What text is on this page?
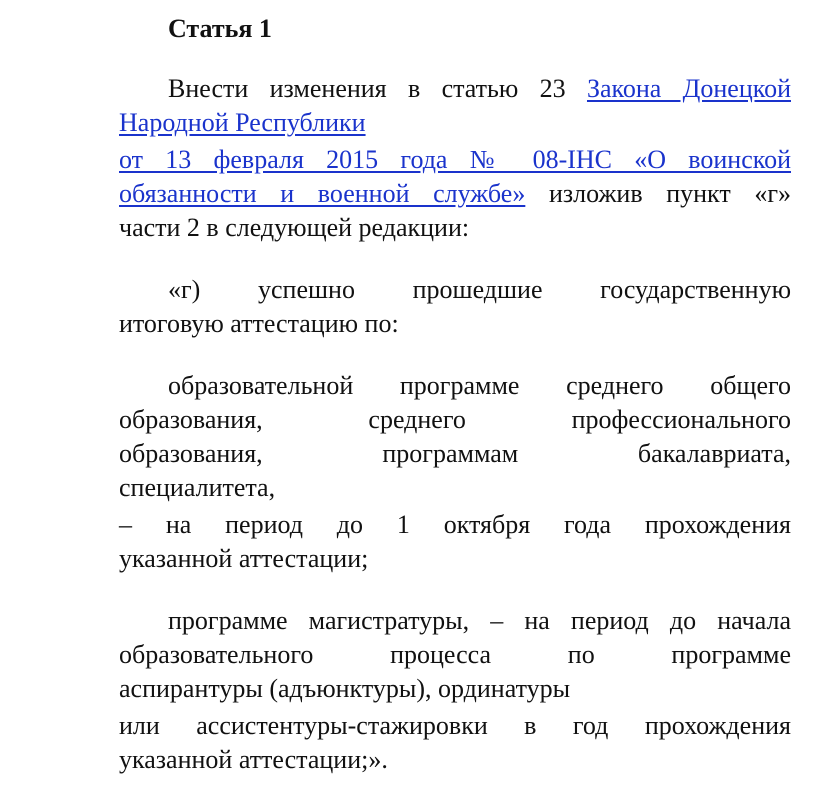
Статья 1

Внести изменения в статью 23 Закона Донецкой

Народной Республики

от 13 февраля 2015 года № 08-IНС «О воинской

обязанности и военной службе» изложив пункт «г»

части 2 в следующей редакции:

«г) успешно прошедшие государственную

итоговую аттестацию по:

образовательной программе среднего общего

образования, среднего профессионального

образования, программам бакалавриата,

специалитета,

– на период до 1 октября года прохождения

указанной аттестации;

программе магистратуры, – на период до начала

образовательного процесса по программе

аспирантуры (адъюнктуры), ординатуры

или ассистентуры-стажировки в год прохождения

указанной аттестации;».
